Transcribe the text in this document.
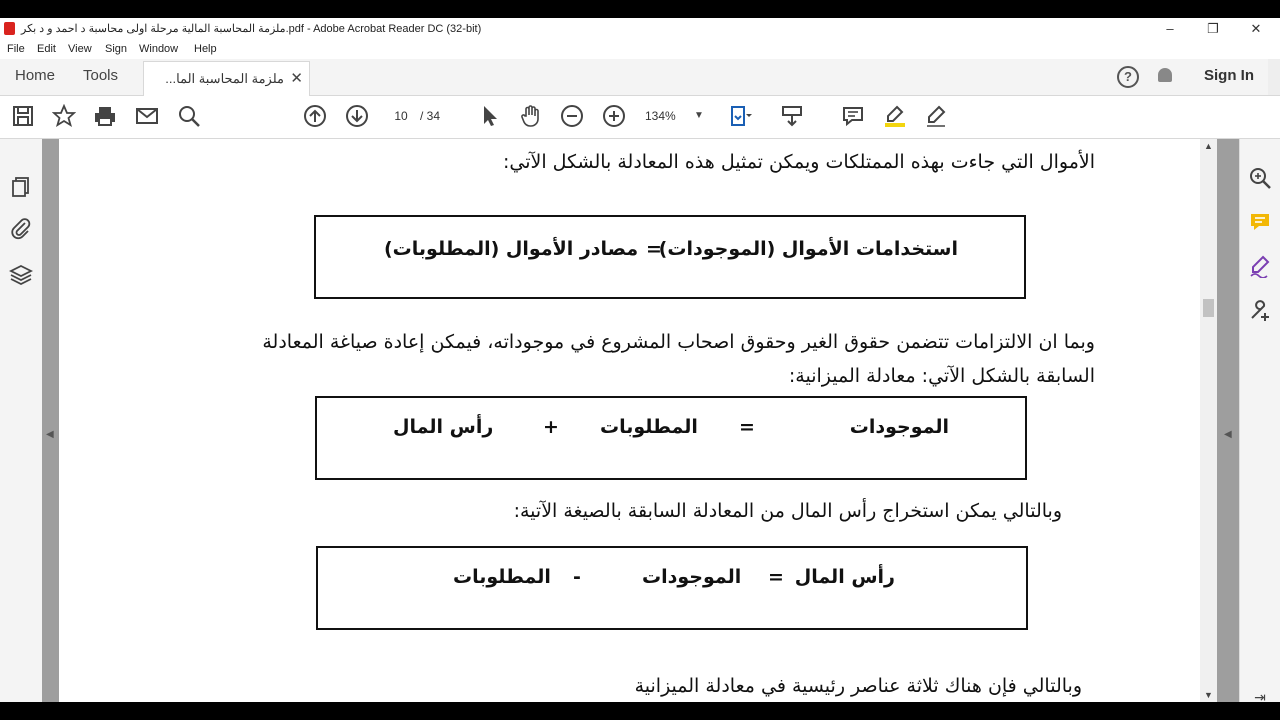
ملزمة المحاسبة المالية مرحلة اولى محاسبة د احمد و د بكر.pdf - Adobe Acrobat Reader DC (32-bit)	–	❐	✕
File Edit View Sign Window Help
Home Tools	ملزمة المحاسبة الما... ✕	?	Sign In
10	/ 34	134%	▼
◀
الأموال التي جاءت بهذه الممتلكات ويمكن تمثيل هذه المعادلة بالشكل الآتي:
استخدامات الأموال (الموجودات)
=
مصادر الأموال (المطلوبات)
وبما ان الالتزامات تتضمن حقوق الغير وحقوق اصحاب المشروع في موجوداته، فيمكن إعادة صياغة المعادلة
السابقة بالشكل الآتي: معادلة الميزانية:
الموجودات
=
المطلوبات
+
رأس المال
وبالتالي يمكن استخراج رأس المال من المعادلة السابقة بالصيغة الآتية:
رأس المال
=
الموجودات
-
المطلوبات
وبالتالي فإن هناك ثلاثة عناصر رئيسية في معادلة الميزانية
▲
▼
◀
⇥
